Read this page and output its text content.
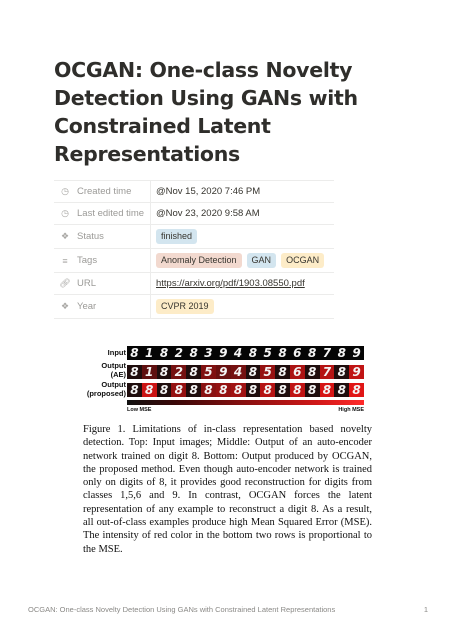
OCGAN: One-class Novelty Detection Using GANs with Constrained Latent Representations
◷ Created time	@Nov 15, 2020 7:46 PM
◷ Last edited time @Nov 23, 2020 9:58 AM
❖ Status	finished
≡ Tags	Anomaly Detection	GAN	OCGAN
🔗︎ URL	https://arxiv.org/pdf/1903.08550.pdf
❖ Year	CVPR 2019
Input
Output
(AE)
Output
(proposed)
8 1 8 2 8 3 9 4 8 5 8 6 8 7 8 9
8 1 8 2 8 5 9 4 8 5 8 6 8 7 8 9
8 8 8 8 8 8 8 8 8 8 8 8 8 8 8 8
Low MSE	High MSE

Figure 1. Limitations of in-class representation based novelty detection. Top: Input images; Middle: Output of an auto-encoder network trained on digit 8. Bottom: Output produced by OCGAN, the proposed method. Even though auto-encoder network is trained only on digits of 8, it provides good reconstruction for digits from classes 1,5,6 and 9. In contrast, OCGAN forces the latent representation of any example to reconstruct a digit 8. As a result, all out-of-class examples produce high Mean Squared Error (MSE). The intensity of red color in the bottom two rows is proportional to the MSE.

OCGAN: One-class Novelty Detection Using GANs with Constrained Latent Representations	1
